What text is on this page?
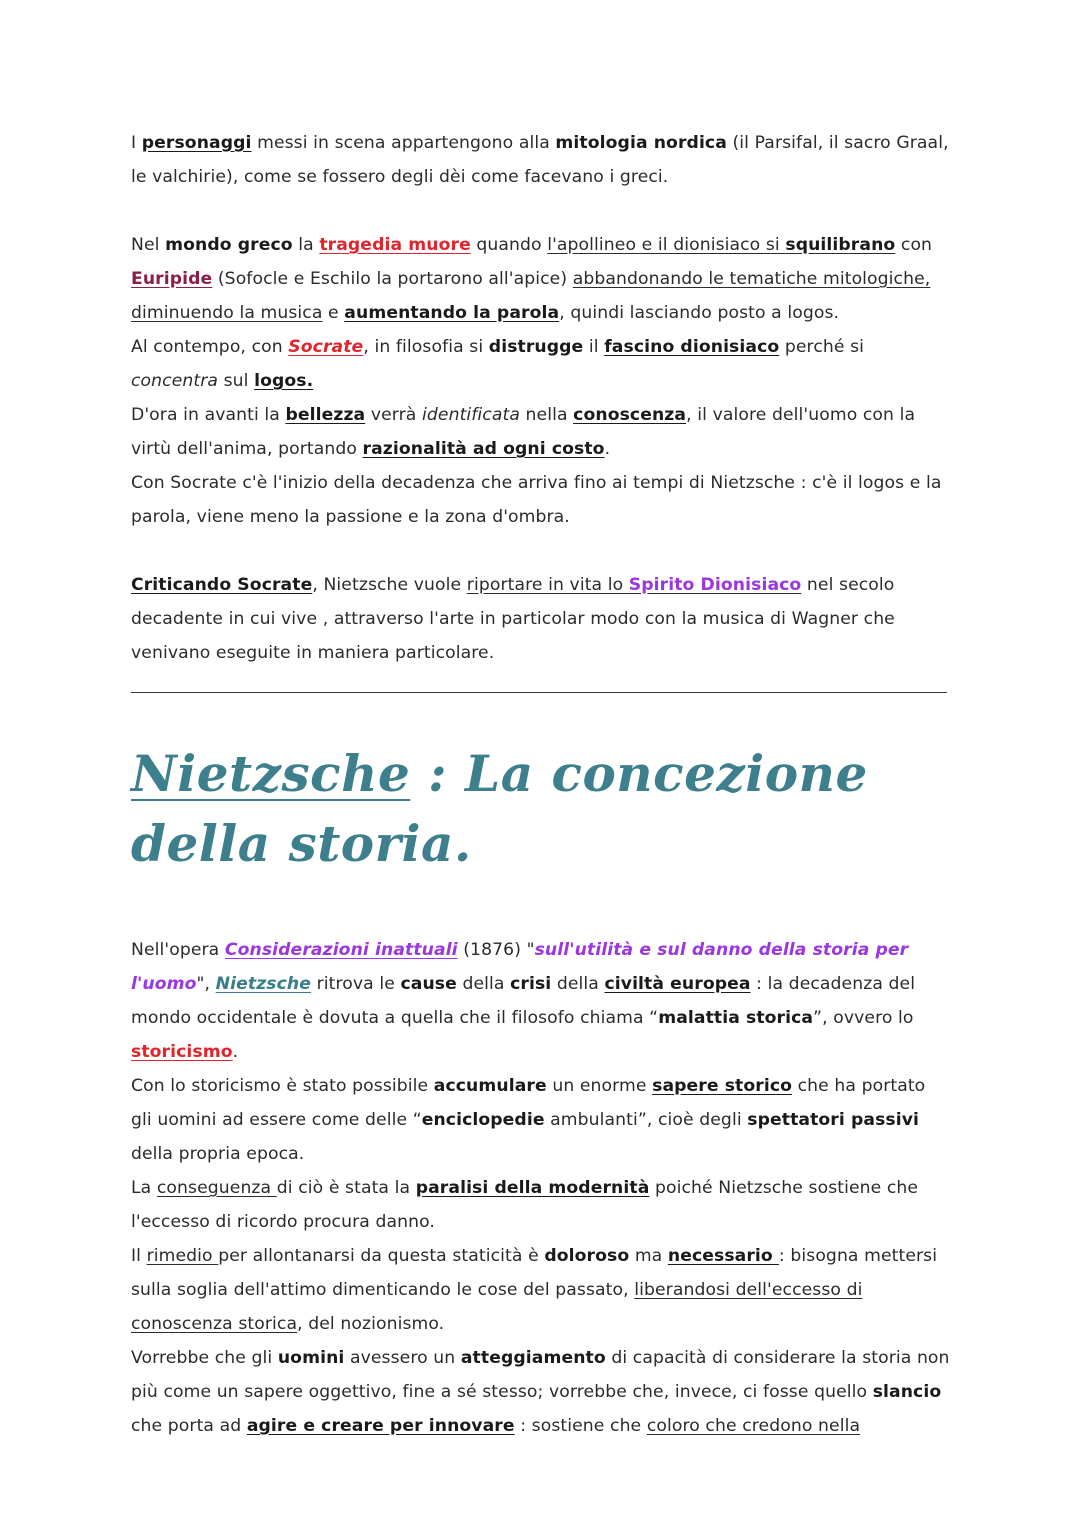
I personaggi messi in scena appartengono alla mitologia nordica (il Parsifal, il sacro Graal, le valchirie), come se fossero degli dèi come facevano i greci.

Nel mondo greco la tragedia muore quando l'apollineo e il dionisiaco si squilibrano con Euripide (Sofocle e Eschilo la portarono all'apice) abbandonando le tematiche mitologiche, diminuendo la musica e aumentando la parola, quindi lasciando posto a logos.

Al contempo, con Socrate, in filosofia si distrugge il fascino dionisiaco perché si concentra sul logos.

D'ora in avanti la bellezza verrà identificata nella conoscenza, il valore dell'uomo con la virtù dell'anima, portando razionalità ad ogni costo.

Con Socrate c'è l'inizio della decadenza che arriva fino ai tempi di Nietzsche : c'è il logos e la parola, viene meno la passione e la zona d'ombra.

Criticando Socrate, Nietzsche vuole riportare in vita lo Spirito Dionisiaco nel secolo decadente in cui vive , attraverso l'arte in particolar modo con la musica di Wagner che venivano eseguite in maniera particolare.

Nietzsche : La concezione della storia.

Nell'opera Considerazioni inattuali (1876) "sull'utilità e sul danno della storia per l'uomo", Nietzsche ritrova le cause della crisi della civiltà europea : la decadenza del mondo occidentale è dovuta a quella che il filosofo chiama “malattia storica”, ovvero lo storicismo.

Con lo storicismo è stato possibile accumulare un enorme sapere storico che ha portato gli uomini ad essere come delle “enciclopedie ambulanti”, cioè degli spettatori passivi della propria epoca.

La conseguenza di ciò è stata la paralisi della modernità poiché Nietzsche sostiene che l'eccesso di ricordo procura danno.

Il rimedio per allontanarsi da questa staticità è doloroso ma necessario : bisogna mettersi sulla soglia dell'attimo dimenticando le cose del passato, liberandosi dell'eccesso di conoscenza storica, del nozionismo.

Vorrebbe che gli uomini avessero un atteggiamento di capacità di considerare la storia non più come un sapere oggettivo, fine a sé stesso; vorrebbe che, invece, ci fosse quello slancio che porta ad agire e creare per innovare : sostiene che coloro che credono nella
